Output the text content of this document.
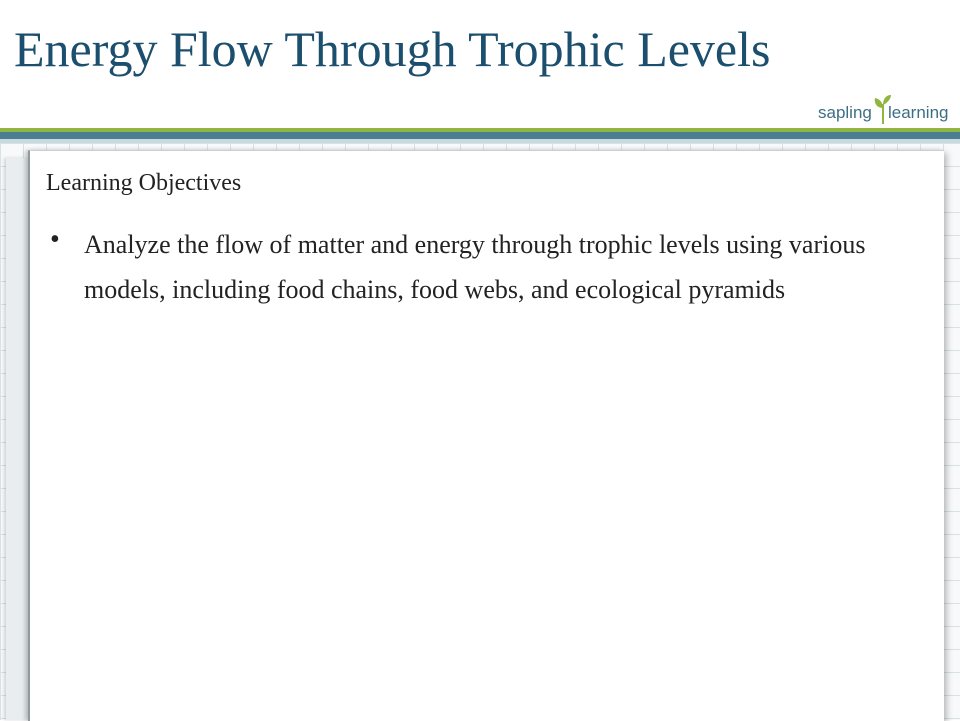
Energy Flow Through Trophic Levels
sapling learning
Learning Objectives
• Analyze the flow of matter and energy through trophic levels using various models, including food chains, food webs, and ecological pyramids
